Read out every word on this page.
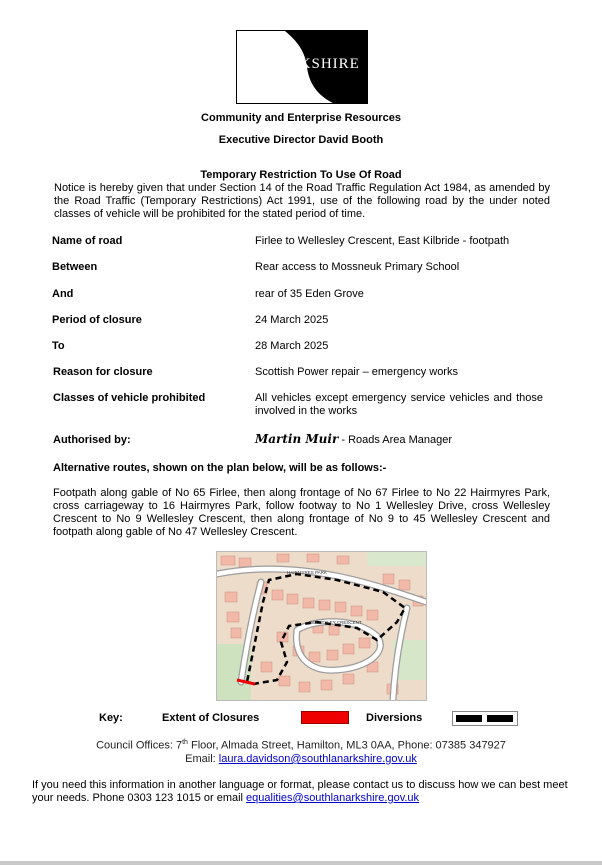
SOUTH
LANARKSHIRE
COUNCIL
Community and Enterprise Resources
Executive Director David Booth
Temporary Restriction To Use Of Road
Notice is hereby given that under Section 14 of the Road Traffic Regulation Act 1984, as amended by the Road Traffic (Temporary Restrictions) Act 1991, use of the following road by the under noted classes of vehicle will be prohibited for the stated period of time.
Name of road	Firlee to Wellesley Crescent, East Kilbride - footpath
Between	Rear access to Mossneuk Primary School
And	rear of 35 Eden Grove
Period of closure	24 March 2025
To	28 March 2025
Reason for closure	Scottish Power repair – emergency works
Classes of vehicle prohibited	All vehicles except emergency service vehicles and those involved in the works
Authorised by:	Martin Muir - Roads Area Manager
Alternative routes, shown on the plan below, will be as follows:-
Footpath along gable of No 65 Firlee, then along frontage of No 67 Firlee to No 22 Hairmyres Park, cross carriageway to 16 Hairmyres Park, follow footway to No 1 Wellesley Drive, cross Wellesley Crescent to No 9 Wellesley Crescent, then along frontage of No 9 to 45 Wellesley Crescent and footpath along gable of No 47 Wellesley Crescent.
HAIRMYRES PARK
WELLESLEY CRESCENT
Key:	Extent of Closures	Diversions
Council Offices: 7th Floor, Almada Street, Hamilton, ML3 0AA, Phone: 07385 347927
Email: laura.davidson@southlanarkshire.gov.uk
If you need this information in another language or format, please contact us to discuss how we can best meet your needs. Phone 0303 123 1015 or email equalities@southlanarkshire.gov.uk
